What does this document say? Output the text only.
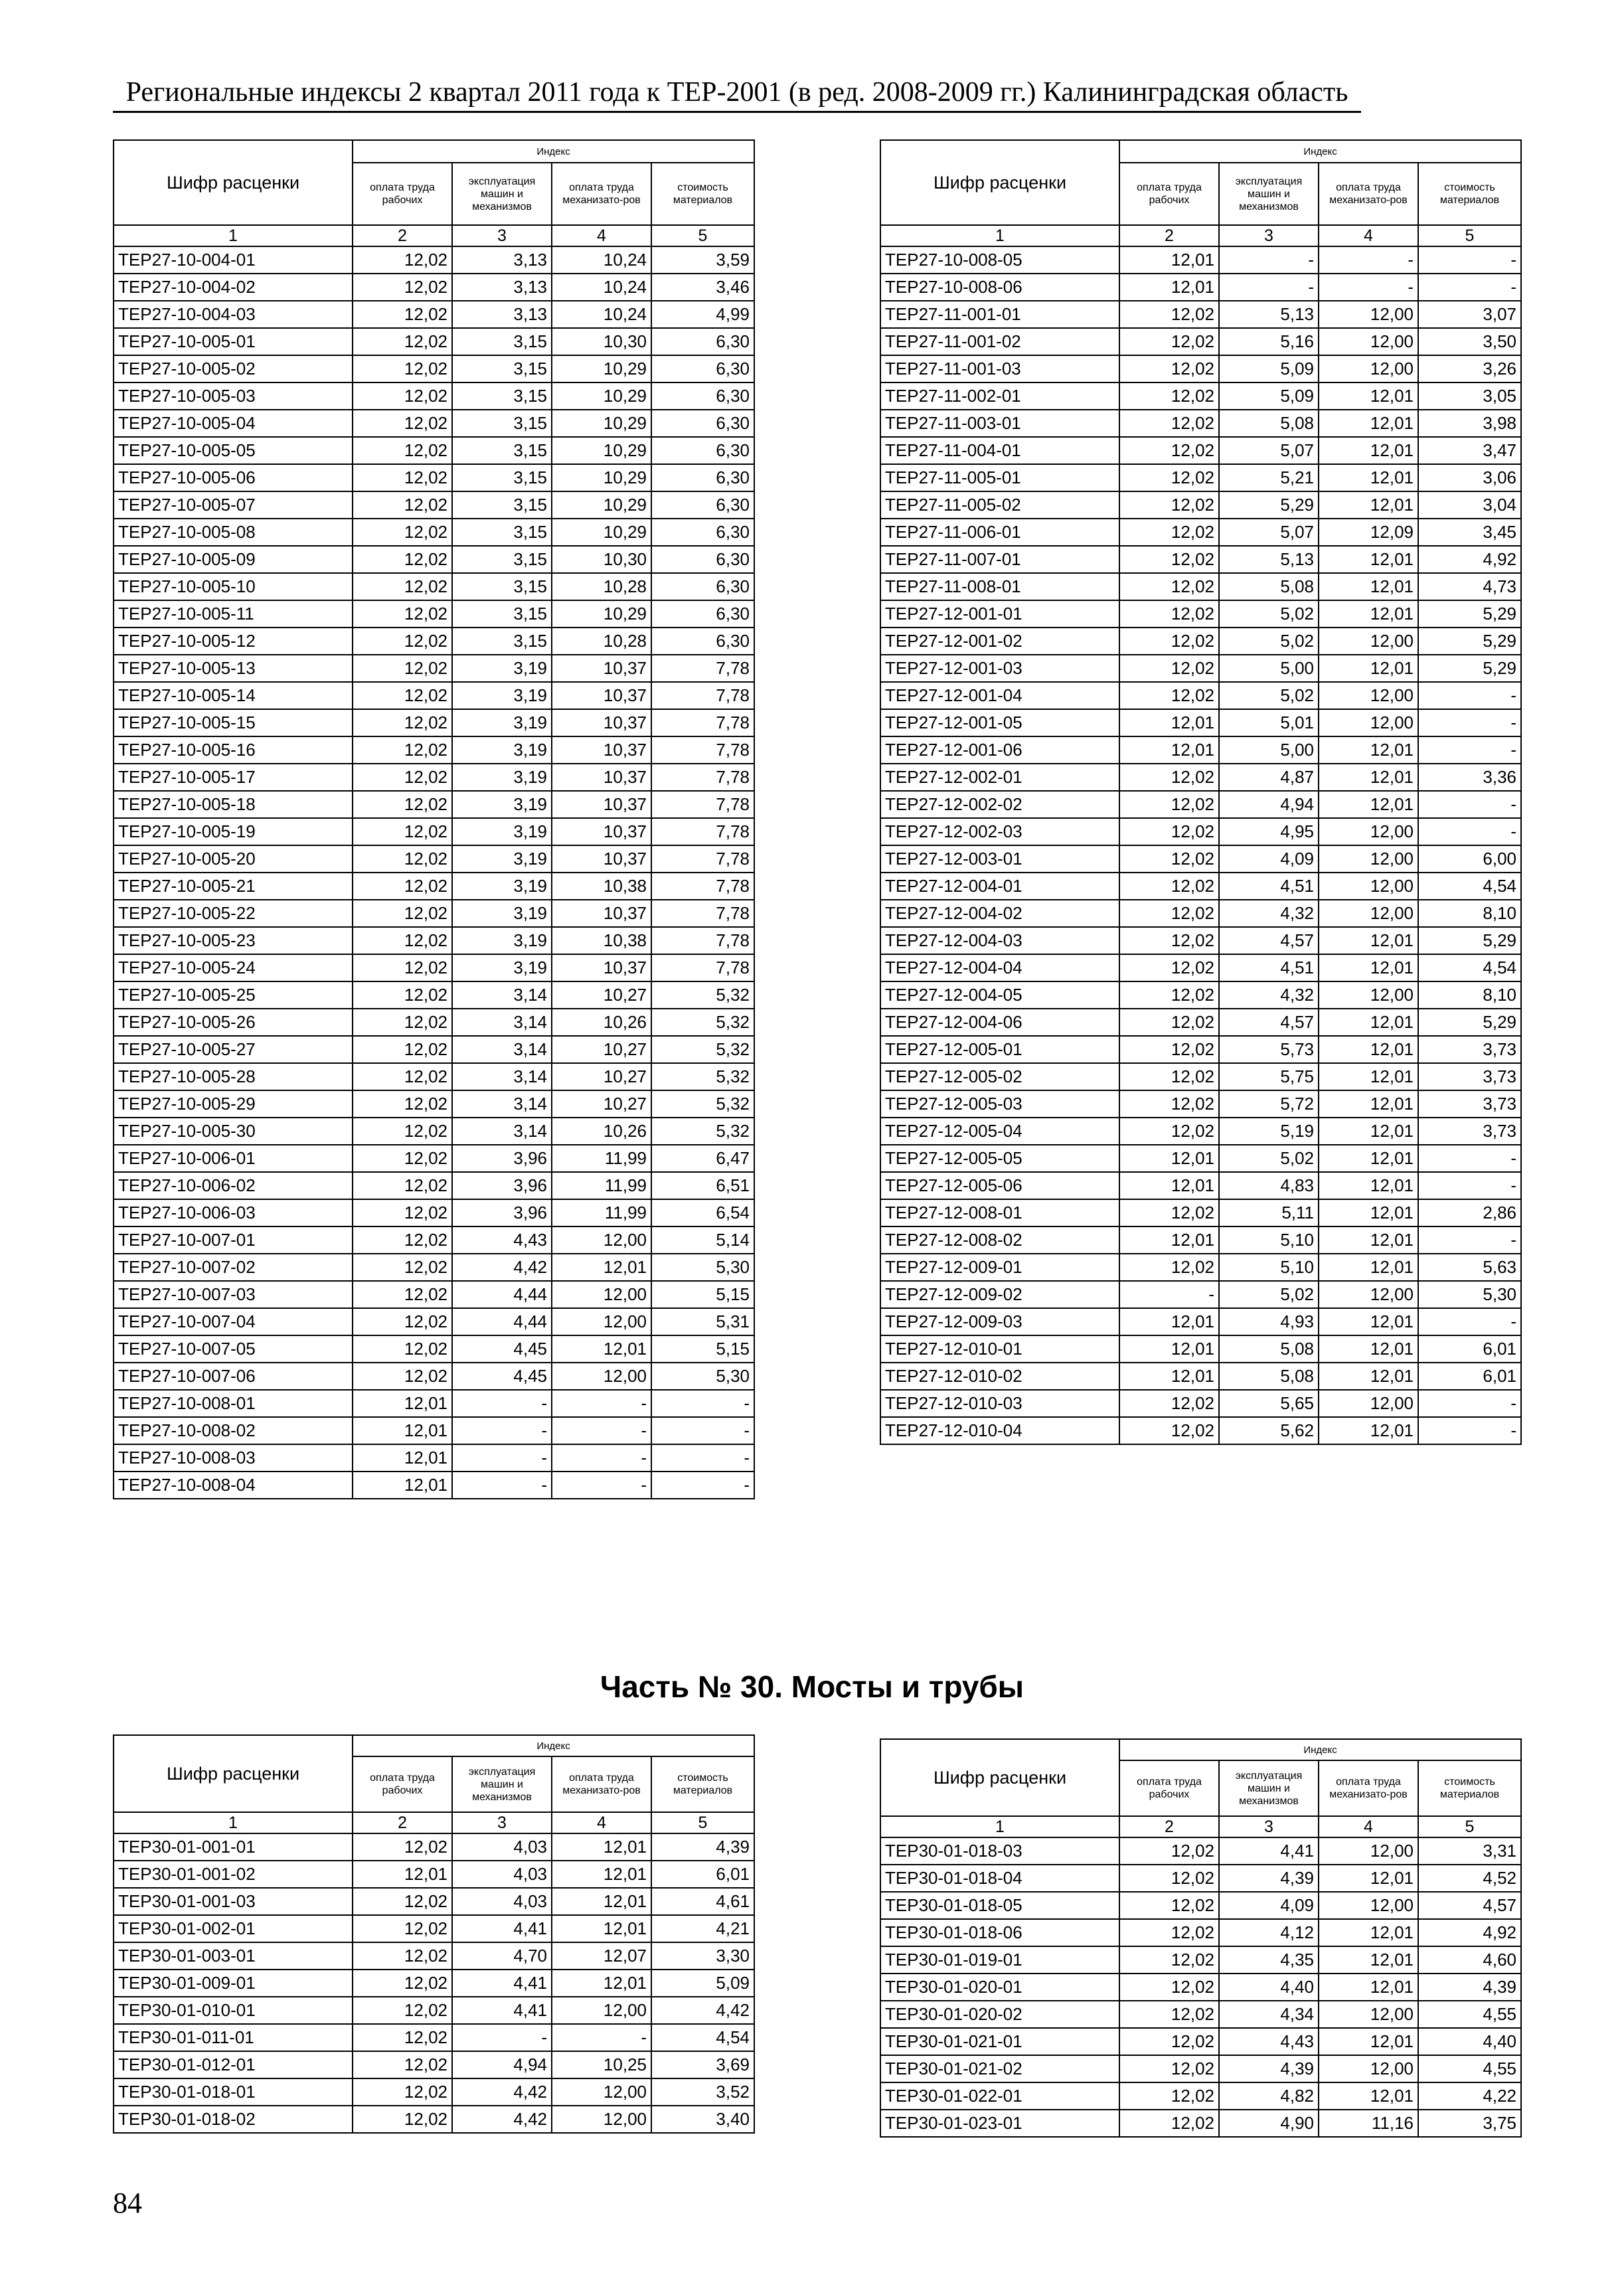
Региональные индексы 2 квартал 2011 года к ТЕР-2001 (в ред. 2008-2009 гг.) Калининградская область
Шифр расценки	Индекс			
	оплата труда рабочих	эксплуатация машин и механизмов	оплата труда механизато-ров	стоимость материалов
1	2	3	4	5
ТЕР27-10-004-01	12,02	3,13	10,24	3,59
ТЕР27-10-004-02	12,02	3,13	10,24	3,46
ТЕР27-10-004-03	12,02	3,13	10,24	4,99
ТЕР27-10-005-01	12,02	3,15	10,30	6,30
ТЕР27-10-005-02	12,02	3,15	10,29	6,30
ТЕР27-10-005-03	12,02	3,15	10,29	6,30
ТЕР27-10-005-04	12,02	3,15	10,29	6,30
ТЕР27-10-005-05	12,02	3,15	10,29	6,30
ТЕР27-10-005-06	12,02	3,15	10,29	6,30
ТЕР27-10-005-07	12,02	3,15	10,29	6,30
ТЕР27-10-005-08	12,02	3,15	10,29	6,30
ТЕР27-10-005-09	12,02	3,15	10,30	6,30
ТЕР27-10-005-10	12,02	3,15	10,28	6,30
ТЕР27-10-005-11	12,02	3,15	10,29	6,30
ТЕР27-10-005-12	12,02	3,15	10,28	6,30
ТЕР27-10-005-13	12,02	3,19	10,37	7,78
ТЕР27-10-005-14	12,02	3,19	10,37	7,78
ТЕР27-10-005-15	12,02	3,19	10,37	7,78
ТЕР27-10-005-16	12,02	3,19	10,37	7,78
ТЕР27-10-005-17	12,02	3,19	10,37	7,78
ТЕР27-10-005-18	12,02	3,19	10,37	7,78
ТЕР27-10-005-19	12,02	3,19	10,37	7,78
ТЕР27-10-005-20	12,02	3,19	10,37	7,78
ТЕР27-10-005-21	12,02	3,19	10,38	7,78
ТЕР27-10-005-22	12,02	3,19	10,37	7,78
ТЕР27-10-005-23	12,02	3,19	10,38	7,78
ТЕР27-10-005-24	12,02	3,19	10,37	7,78
ТЕР27-10-005-25	12,02	3,14	10,27	5,32
ТЕР27-10-005-26	12,02	3,14	10,26	5,32
ТЕР27-10-005-27	12,02	3,14	10,27	5,32
ТЕР27-10-005-28	12,02	3,14	10,27	5,32
ТЕР27-10-005-29	12,02	3,14	10,27	5,32
ТЕР27-10-005-30	12,02	3,14	10,26	5,32
ТЕР27-10-006-01	12,02	3,96	11,99	6,47
ТЕР27-10-006-02	12,02	3,96	11,99	6,51
ТЕР27-10-006-03	12,02	3,96	11,99	6,54
ТЕР27-10-007-01	12,02	4,43	12,00	5,14
ТЕР27-10-007-02	12,02	4,42	12,01	5,30
ТЕР27-10-007-03	12,02	4,44	12,00	5,15
ТЕР27-10-007-04	12,02	4,44	12,00	5,31
ТЕР27-10-007-05	12,02	4,45	12,01	5,15
ТЕР27-10-007-06	12,02	4,45	12,00	5,30
ТЕР27-10-008-01	12,01	-	-	-
ТЕР27-10-008-02	12,01	-	-	-
ТЕР27-10-008-03	12,01	-	-	-
ТЕР27-10-008-04	12,01	-	-	-
Шифр расценки	Индекс			
	оплата труда рабочих	эксплуатация машин и механизмов	оплата труда механизато-ров	стоимость материалов
1	2	3	4	5
ТЕР27-10-008-05	12,01	-	-	-
ТЕР27-10-008-06	12,01	-	-	-
ТЕР27-11-001-01	12,02	5,13	12,00	3,07
ТЕР27-11-001-02	12,02	5,16	12,00	3,50
ТЕР27-11-001-03	12,02	5,09	12,00	3,26
ТЕР27-11-002-01	12,02	5,09	12,01	3,05
ТЕР27-11-003-01	12,02	5,08	12,01	3,98
ТЕР27-11-004-01	12,02	5,07	12,01	3,47
ТЕР27-11-005-01	12,02	5,21	12,01	3,06
ТЕР27-11-005-02	12,02	5,29	12,01	3,04
ТЕР27-11-006-01	12,02	5,07	12,09	3,45
ТЕР27-11-007-01	12,02	5,13	12,01	4,92
ТЕР27-11-008-01	12,02	5,08	12,01	4,73
ТЕР27-12-001-01	12,02	5,02	12,01	5,29
ТЕР27-12-001-02	12,02	5,02	12,00	5,29
ТЕР27-12-001-03	12,02	5,00	12,01	5,29
ТЕР27-12-001-04	12,02	5,02	12,00	-
ТЕР27-12-001-05	12,01	5,01	12,00	-
ТЕР27-12-001-06	12,01	5,00	12,01	-
ТЕР27-12-002-01	12,02	4,87	12,01	3,36
ТЕР27-12-002-02	12,02	4,94	12,01	-
ТЕР27-12-002-03	12,02	4,95	12,00	-
ТЕР27-12-003-01	12,02	4,09	12,00	6,00
ТЕР27-12-004-01	12,02	4,51	12,00	4,54
ТЕР27-12-004-02	12,02	4,32	12,00	8,10
ТЕР27-12-004-03	12,02	4,57	12,01	5,29
ТЕР27-12-004-04	12,02	4,51	12,01	4,54
ТЕР27-12-004-05	12,02	4,32	12,00	8,10
ТЕР27-12-004-06	12,02	4,57	12,01	5,29
ТЕР27-12-005-01	12,02	5,73	12,01	3,73
ТЕР27-12-005-02	12,02	5,75	12,01	3,73
ТЕР27-12-005-03	12,02	5,72	12,01	3,73
ТЕР27-12-005-04	12,02	5,19	12,01	3,73
ТЕР27-12-005-05	12,01	5,02	12,01	-
ТЕР27-12-005-06	12,01	4,83	12,01	-
ТЕР27-12-008-01	12,02	5,11	12,01	2,86
ТЕР27-12-008-02	12,01	5,10	12,01	-
ТЕР27-12-009-01	12,02	5,10	12,01	5,63
ТЕР27-12-009-02	-	5,02	12,00	5,30
ТЕР27-12-009-03	12,01	4,93	12,01	-
ТЕР27-12-010-01	12,01	5,08	12,01	6,01
ТЕР27-12-010-02	12,01	5,08	12,01	6,01
ТЕР27-12-010-03	12,02	5,65	12,00	-
ТЕР27-12-010-04	12,02	5,62	12,01	-
Часть № 30. Мосты и трубы
Шифр расценки	Индекс			
	оплата труда рабочих	эксплуатация машин и механизмов	оплата труда механизато-ров	стоимость материалов
1	2	3	4	5
ТЕР30-01-001-01	12,02	4,03	12,01	4,39
ТЕР30-01-001-02	12,01	4,03	12,01	6,01
ТЕР30-01-001-03	12,02	4,03	12,01	4,61
ТЕР30-01-002-01	12,02	4,41	12,01	4,21
ТЕР30-01-003-01	12,02	4,70	12,07	3,30
ТЕР30-01-009-01	12,02	4,41	12,01	5,09
ТЕР30-01-010-01	12,02	4,41	12,00	4,42
ТЕР30-01-011-01	12,02	-	-	4,54
ТЕР30-01-012-01	12,02	4,94	10,25	3,69
ТЕР30-01-018-01	12,02	4,42	12,00	3,52
ТЕР30-01-018-02	12,02	4,42	12,00	3,40
Шифр расценки	Индекс			
	оплата труда рабочих	эксплуатация машин и механизмов	оплата труда механизато-ров	стоимость материалов
1	2	3	4	5
ТЕР30-01-018-03	12,02	4,41	12,00	3,31
ТЕР30-01-018-04	12,02	4,39	12,01	4,52
ТЕР30-01-018-05	12,02	4,09	12,00	4,57
ТЕР30-01-018-06	12,02	4,12	12,01	4,92
ТЕР30-01-019-01	12,02	4,35	12,01	4,60
ТЕР30-01-020-01	12,02	4,40	12,01	4,39
ТЕР30-01-020-02	12,02	4,34	12,00	4,55
ТЕР30-01-021-01	12,02	4,43	12,01	4,40
ТЕР30-01-021-02	12,02	4,39	12,00	4,55
ТЕР30-01-022-01	12,02	4,82	12,01	4,22
ТЕР30-01-023-01	12,02	4,90	11,16	3,75
84
